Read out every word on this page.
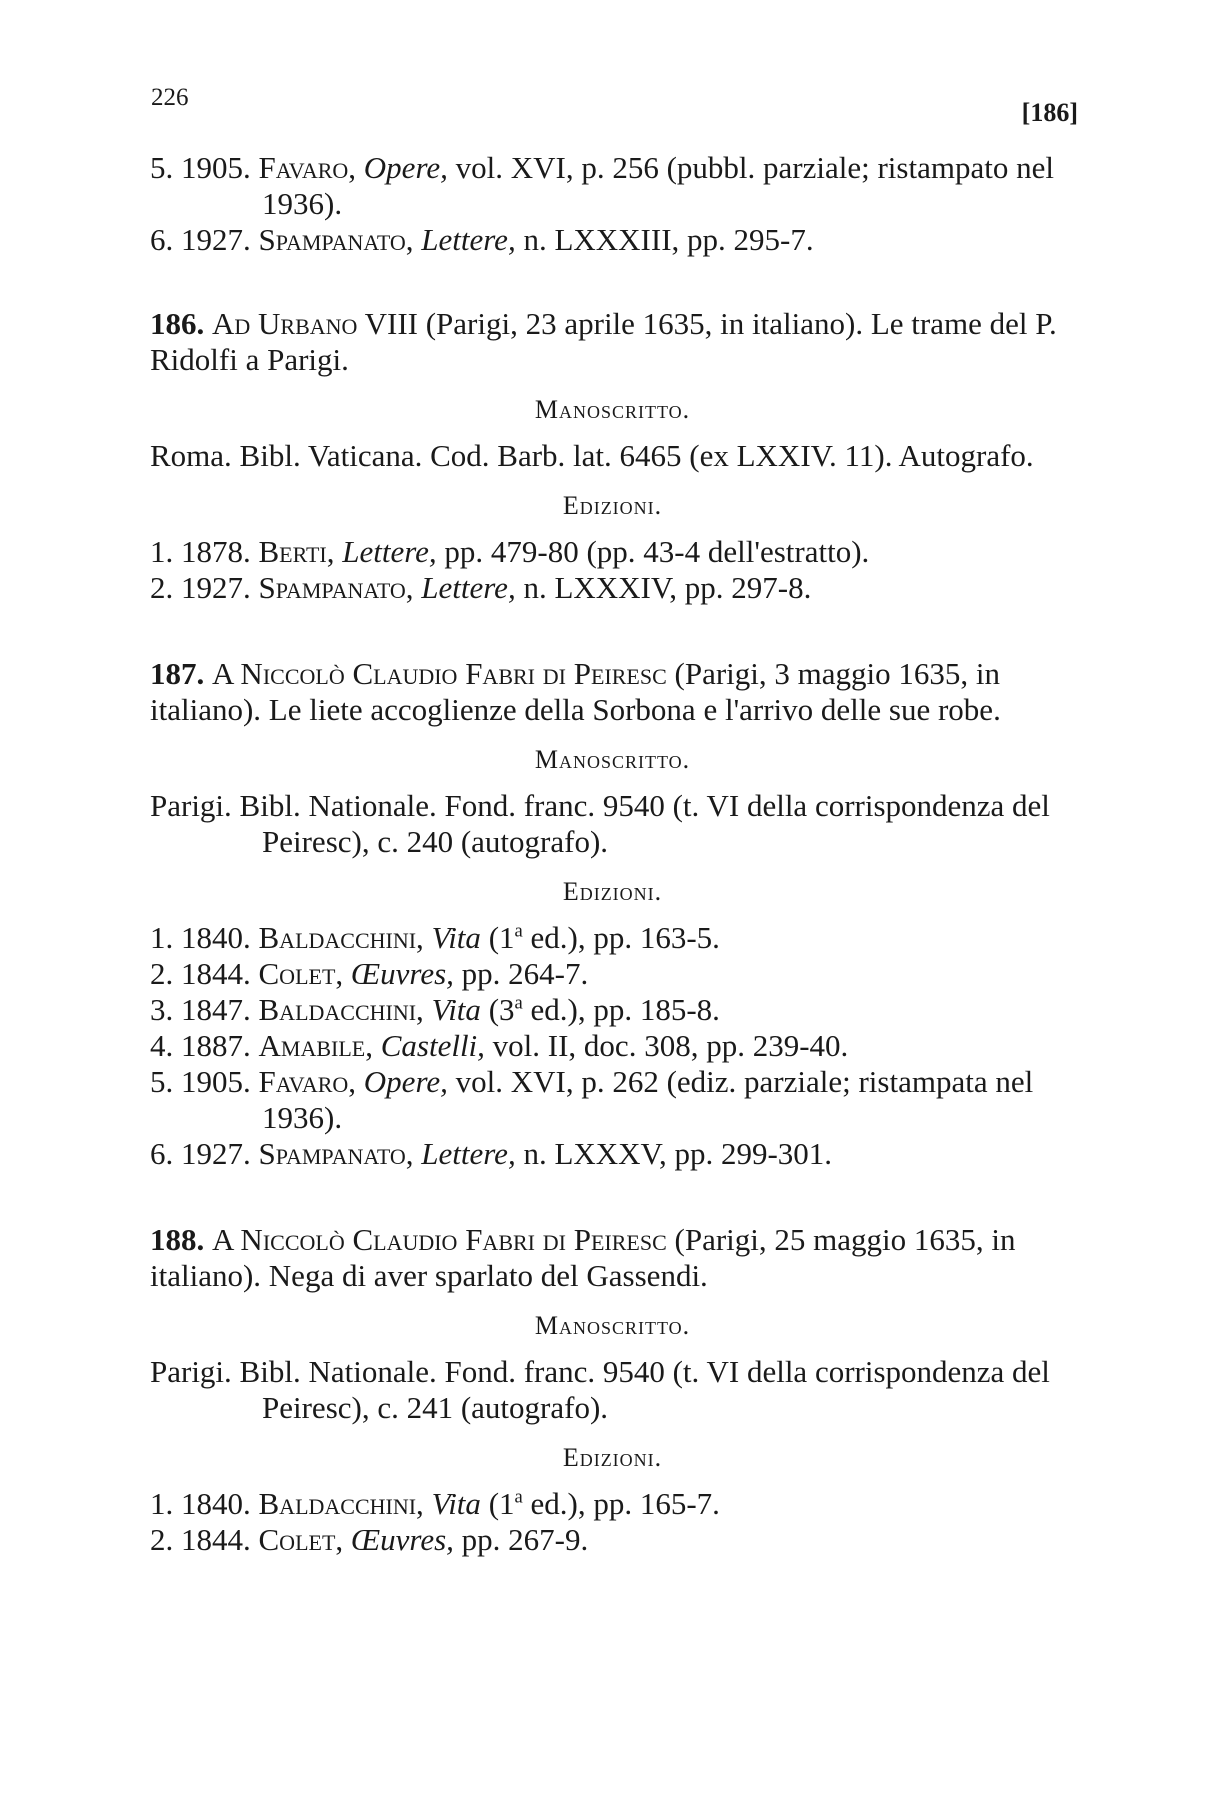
226
[186]

5. 1905. Favaro, Opere, vol. XVI, p. 256 (pubbl. parziale; ristampato nel 1936).

6. 1927. Spampanato, Lettere, n. LXXXIII, pp. 295-7.

186. Ad Urbano VIII (Parigi, 23 aprile 1635, in italiano). Le trame del P. Ridolfi a Parigi.

Manoscritto.

Roma. Bibl. Vaticana. Cod. Barb. lat. 6465 (ex LXXIV. 11). Autografo.

Edizioni.

1. 1878. Berti, Lettere, pp. 479-80 (pp. 43-4 dell'estratto).

2. 1927. Spampanato, Lettere, n. LXXXIV, pp. 297-8.

187. A Niccolò Claudio Fabri di Peiresc (Parigi, 3 maggio 1635, in italiano). Le liete accoglienze della Sorbona e l'arrivo delle sue robe.

Manoscritto.

Parigi. Bibl. Nationale. Fond. franc. 9540 (t. VI della corrispondenza del Peiresc), c. 240 (autografo).

Edizioni.

1. 1840. Baldacchini, Vita (1$^a$ ed.), pp. 163-5.

2. 1844. Colet, Œuvres, pp. 264-7.

3. 1847. Baldacchini, Vita (3$^a$ ed.), pp. 185-8.

4. 1887. Amabile, Castelli, vol. II, doc. 308, pp. 239-40.

5. 1905. Favaro, Opere, vol. XVI, p. 262 (ediz. parziale; ristampata nel 1936).

6. 1927. Spampanato, Lettere, n. LXXXV, pp. 299-301.

188. A Niccolò Claudio Fabri di Peiresc (Parigi, 25 maggio 1635, in italiano). Nega di aver sparlato del Gassendi.

Manoscritto.

Parigi. Bibl. Nationale. Fond. franc. 9540 (t. VI della corrispondenza del Peiresc), c. 241 (autografo).

Edizioni.

1. 1840. Baldacchini, Vita (1$^a$ ed.), pp. 165-7.

2. 1844. Colet, Œuvres, pp. 267-9.
